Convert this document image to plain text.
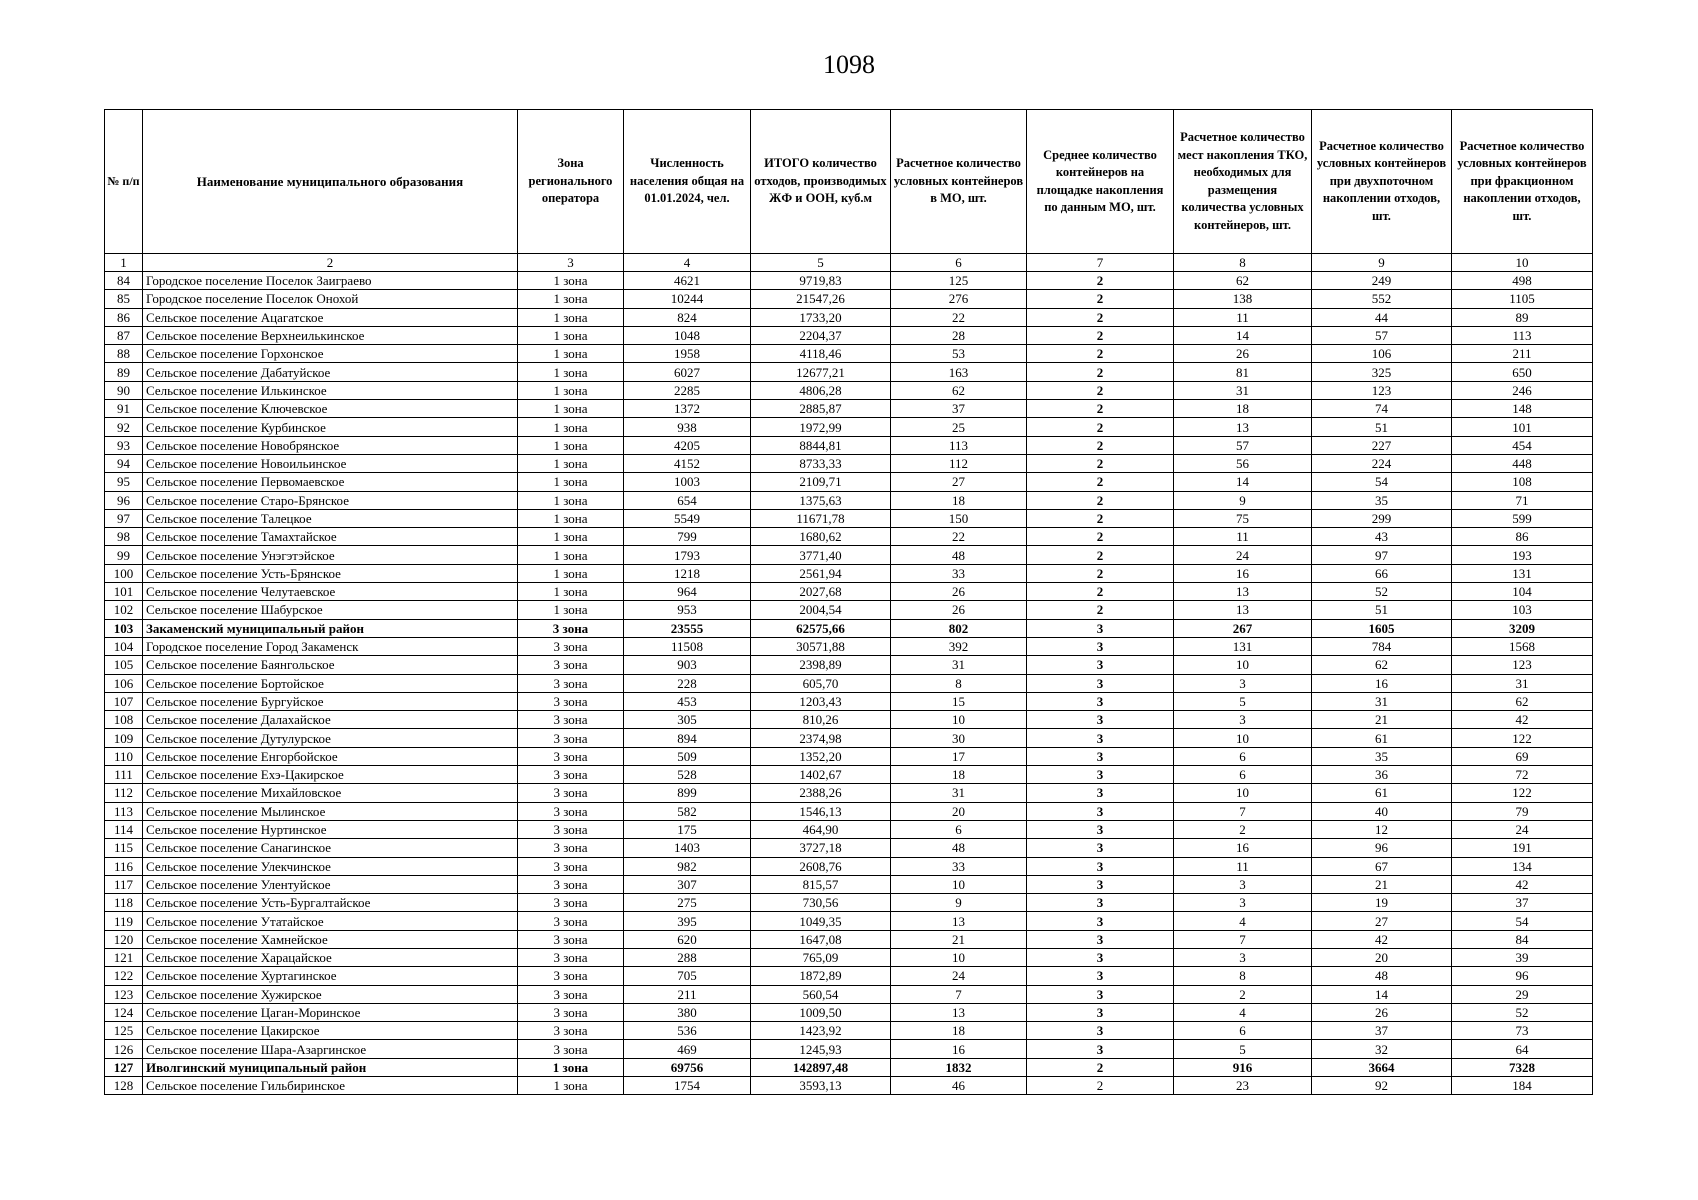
1098
№ п/п	Наименование муниципального образования	Зона регионального оператора	Численность населения общая на 01.01.2024, чел.	ИТОГО количество отходов, производимых ЖФ и ООН, куб.м	Расчетное количество условных контейнеров в МО, шт.	Среднее количество контейнеров на площадке накопления по данным МО, шт.	Расчетное количество мест накопления ТКО, необходимых для размещения количества условных контейнеров, шт.	Расчетное количество условных контейнеров при двухпоточном накоплении отходов, шт.	Расчетное количество условных контейнеров при фракционном накоплении отходов, шт.
1	2	3	4	5	6	7	8	9	10
84	Городское поселение Поселок Заиграево	1 зона	4621	9719,83	125	2	62	249	498
85	Городское поселение Поселок Онохой	1 зона	10244	21547,26	276	2	138	552	1105
86	Сельское поселение Ацагатское	1 зона	824	1733,20	22	2	11	44	89
87	Сельское поселение Верхнеилькинское	1 зона	1048	2204,37	28	2	14	57	113
88	Сельское поселение Горхонское	1 зона	1958	4118,46	53	2	26	106	211
89	Сельское поселение Дабатуйское	1 зона	6027	12677,21	163	2	81	325	650
90	Сельское поселение Илькинское	1 зона	2285	4806,28	62	2	31	123	246
91	Сельское поселение Ключевское	1 зона	1372	2885,87	37	2	18	74	148
92	Сельское поселение Курбинское	1 зона	938	1972,99	25	2	13	51	101
93	Сельское поселение Новобрянское	1 зона	4205	8844,81	113	2	57	227	454
94	Сельское поселение Новоильинское	1 зона	4152	8733,33	112	2	56	224	448
95	Сельское поселение Первомаевское	1 зона	1003	2109,71	27	2	14	54	108
96	Сельское поселение Старо-Брянское	1 зона	654	1375,63	18	2	9	35	71
97	Сельское поселение Талецкое	1 зона	5549	11671,78	150	2	75	299	599
98	Сельское поселение Тамахтайское	1 зона	799	1680,62	22	2	11	43	86
99	Сельское поселение Унэгэтэйское	1 зона	1793	3771,40	48	2	24	97	193
100	Сельское поселение Усть-Брянское	1 зона	1218	2561,94	33	2	16	66	131
101	Сельское поселение Челутаевское	1 зона	964	2027,68	26	2	13	52	104
102	Сельское поселение Шабурское	1 зона	953	2004,54	26	2	13	51	103
103	Закаменский муниципальный район	3 зона	23555	62575,66	802	3	267	1605	3209
104	Городское поселение Город Закаменск	3 зона	11508	30571,88	392	3	131	784	1568
105	Сельское поселение Баянгольское	3 зона	903	2398,89	31	3	10	62	123
106	Сельское поселение Бортойское	3 зона	228	605,70	8	3	3	16	31
107	Сельское поселение Бургуйское	3 зона	453	1203,43	15	3	5	31	62
108	Сельское поселение Далахайское	3 зона	305	810,26	10	3	3	21	42
109	Сельское поселение Дутулурское	3 зона	894	2374,98	30	3	10	61	122
110	Сельское поселение Енгорбойское	3 зона	509	1352,20	17	3	6	35	69
111	Сельское поселение Ехэ-Цакирское	3 зона	528	1402,67	18	3	6	36	72
112	Сельское поселение Михайловское	3 зона	899	2388,26	31	3	10	61	122
113	Сельское поселение Мылинское	3 зона	582	1546,13	20	3	7	40	79
114	Сельское поселение Нуртинское	3 зона	175	464,90	6	3	2	12	24
115	Сельское поселение Санагинское	3 зона	1403	3727,18	48	3	16	96	191
116	Сельское поселение Улекчинское	3 зона	982	2608,76	33	3	11	67	134
117	Сельское поселение Улентуйское	3 зона	307	815,57	10	3	3	21	42
118	Сельское поселение Усть-Бургалтайское	3 зона	275	730,56	9	3	3	19	37
119	Сельское поселение Утатайское	3 зона	395	1049,35	13	3	4	27	54
120	Сельское поселение Хамнейское	3 зона	620	1647,08	21	3	7	42	84
121	Сельское поселение Харацайское	3 зона	288	765,09	10	3	3	20	39
122	Сельское поселение Хуртагинское	3 зона	705	1872,89	24	3	8	48	96
123	Сельское поселение Хужирское	3 зона	211	560,54	7	3	2	14	29
124	Сельское поселение Цаган-Моринское	3 зона	380	1009,50	13	3	4	26	52
125	Сельское поселение Цакирское	3 зона	536	1423,92	18	3	6	37	73
126	Сельское поселение Шара-Азаргинское	3 зона	469	1245,93	16	3	5	32	64
127	Иволгинский муниципальный район	1 зона	69756	142897,48	1832	2	916	3664	7328
128	Сельское поселение Гильбиринское	1 зона	1754	3593,13	46	2	23	92	184
